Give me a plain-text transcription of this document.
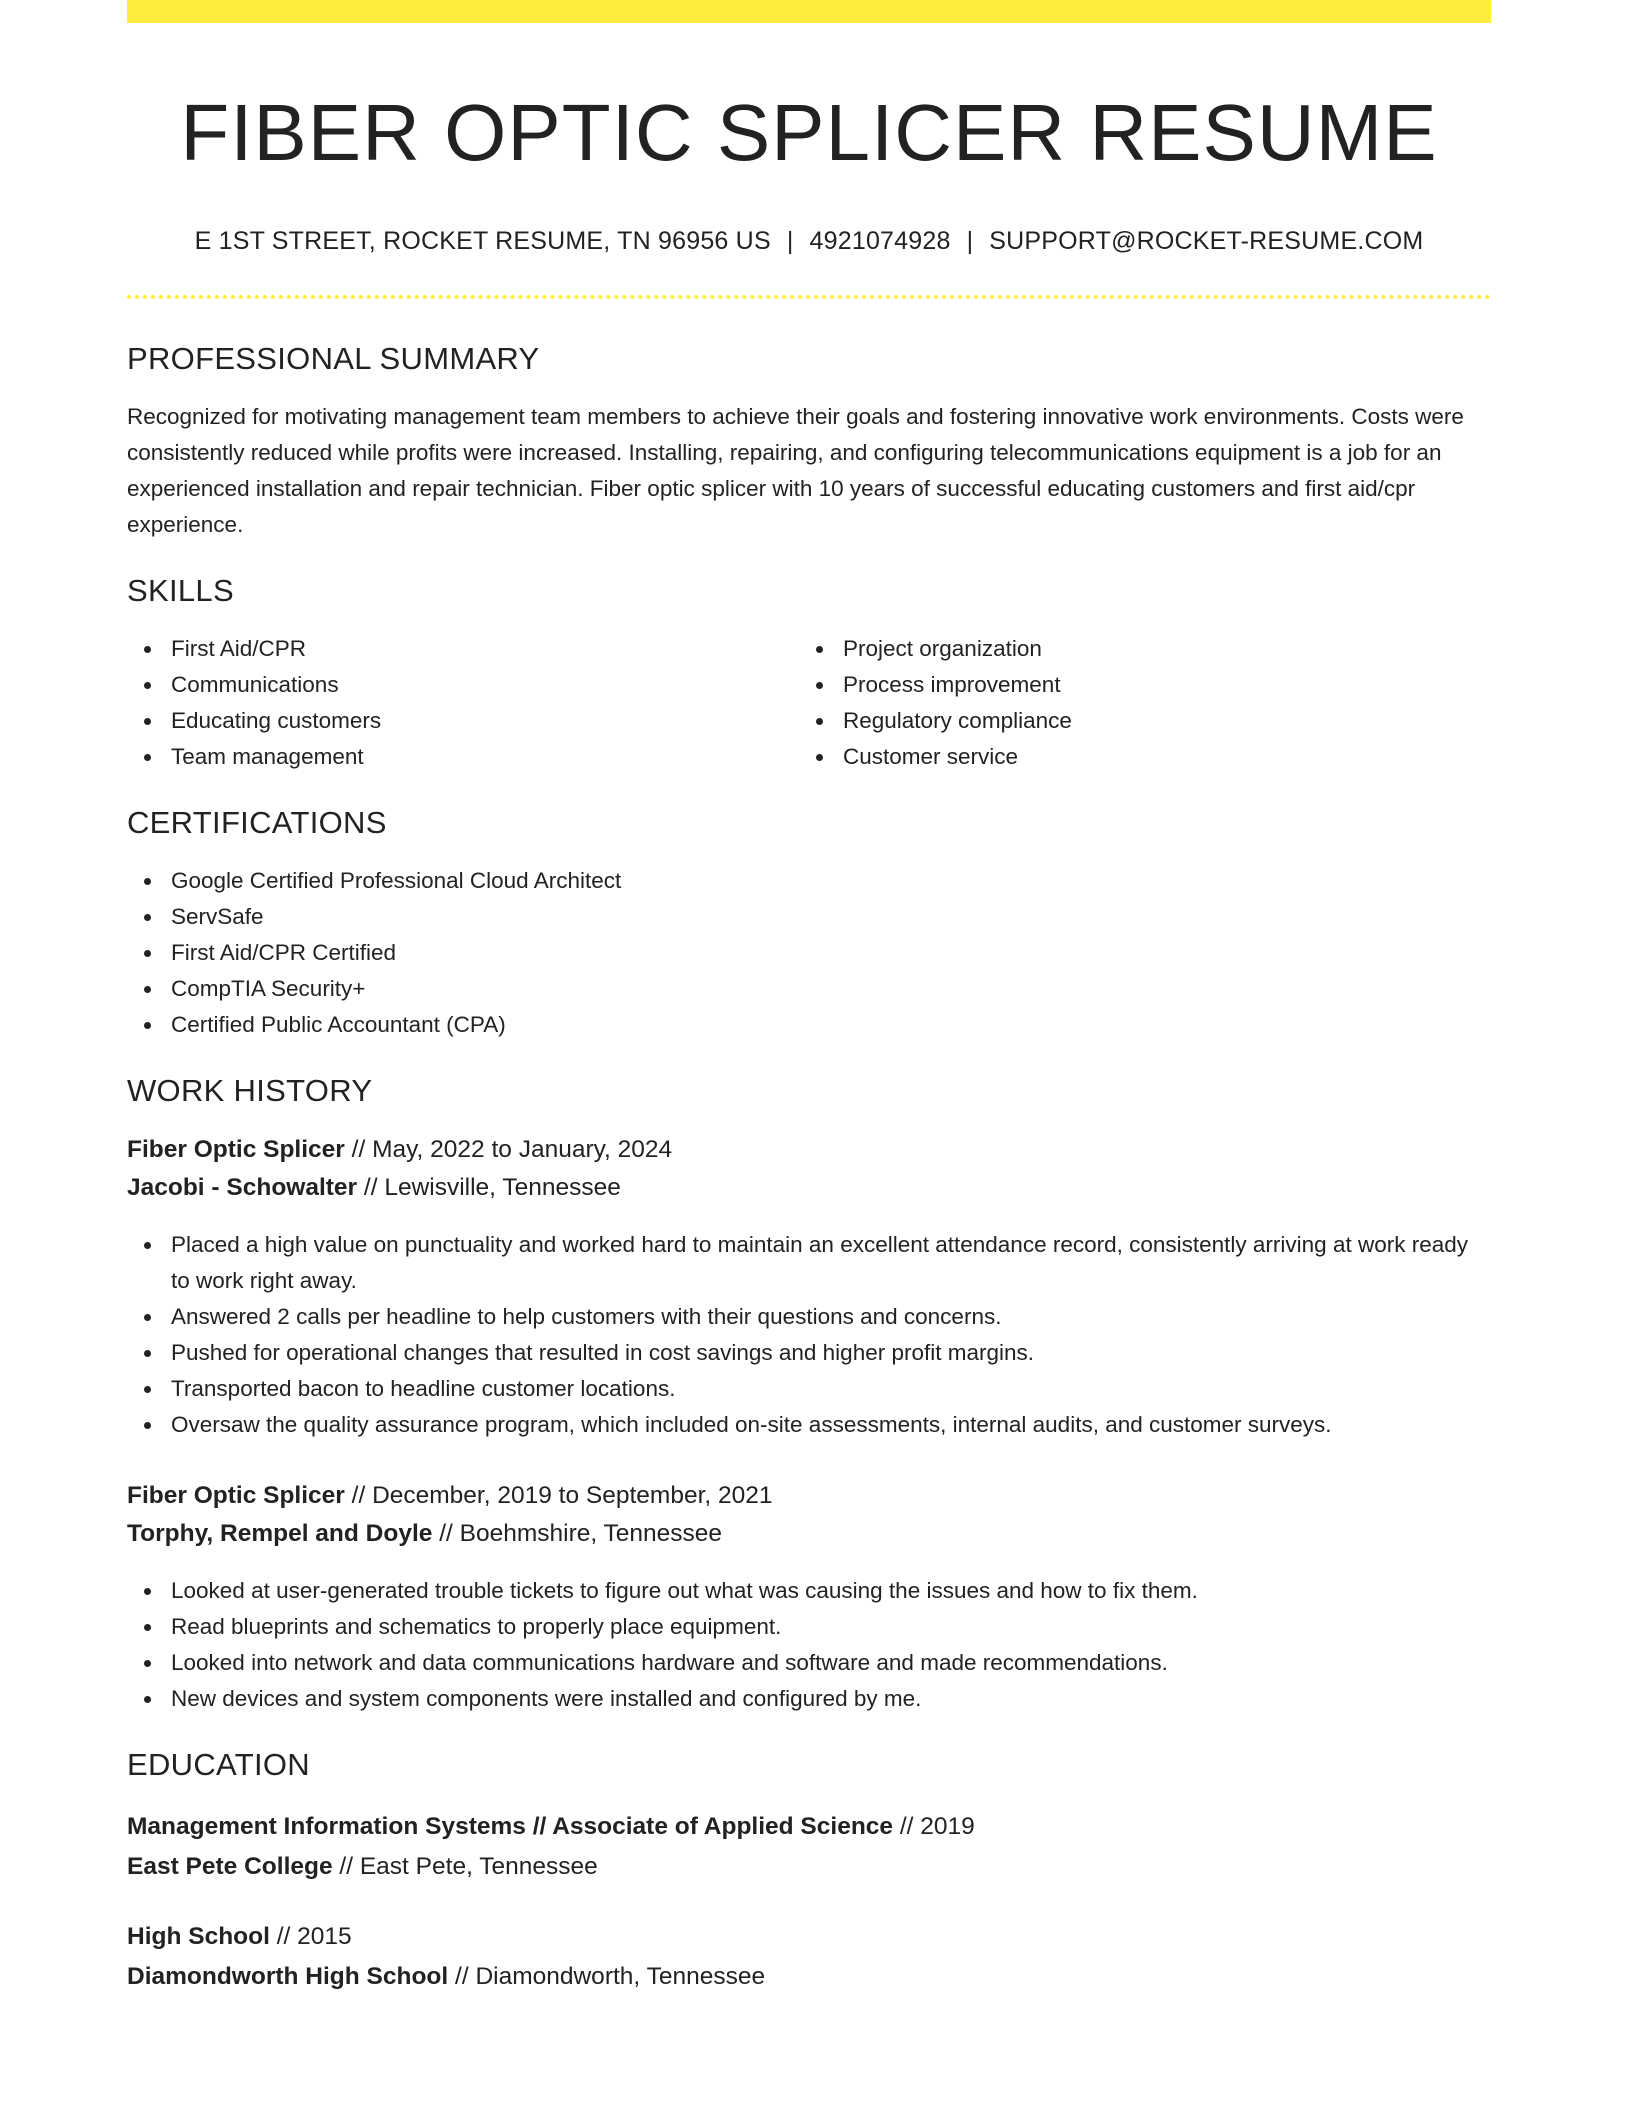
FIBER OPTIC SPLICER RESUME
E 1ST STREET, ROCKET RESUME, TN 96956 US | 4921074928 | SUPPORT@ROCKET-RESUME.COM
PROFESSIONAL SUMMARY

Recognized for motivating management team members to achieve their goals and fostering innovative work environments. Costs were consistently reduced while profits were increased. Installing, repairing, and configuring telecommunications equipment is a job for an experienced installation and repair technician. Fiber optic splicer with 10 years of successful educating customers and first aid/cpr experience.

SKILLS
First Aid/CPR
Communications
Educating customers
Team management
Project organization
Process improvement
Regulatory compliance
Customer service
CERTIFICATIONS
Google Certified Professional Cloud Architect
ServSafe
First Aid/CPR Certified
CompTIA Security+
Certified Public Accountant (CPA)
WORK HISTORY
Fiber Optic Splicer // May, 2022 to January, 2024
Jacobi - Schowalter // Lewisville, Tennessee
Placed a high value on punctuality and worked hard to maintain an excellent attendance record, consistently arriving at work ready to work right away.
Answered 2 calls per headline to help customers with their questions and concerns.
Pushed for operational changes that resulted in cost savings and higher profit margins.
Transported bacon to headline customer locations.
Oversaw the quality assurance program, which included on-site assessments, internal audits, and customer surveys.
Fiber Optic Splicer // December, 2019 to September, 2021
Torphy, Rempel and Doyle // Boehmshire, Tennessee
Looked at user-generated trouble tickets to figure out what was causing the issues and how to fix them.
Read blueprints and schematics to properly place equipment.
Looked into network and data communications hardware and software and made recommendations.
New devices and system components were installed and configured by me.
EDUCATION
Management Information Systems // Associate of Applied Science // 2019
East Pete College // East Pete, Tennessee
High School // 2015
Diamondworth High School // Diamondworth, Tennessee
